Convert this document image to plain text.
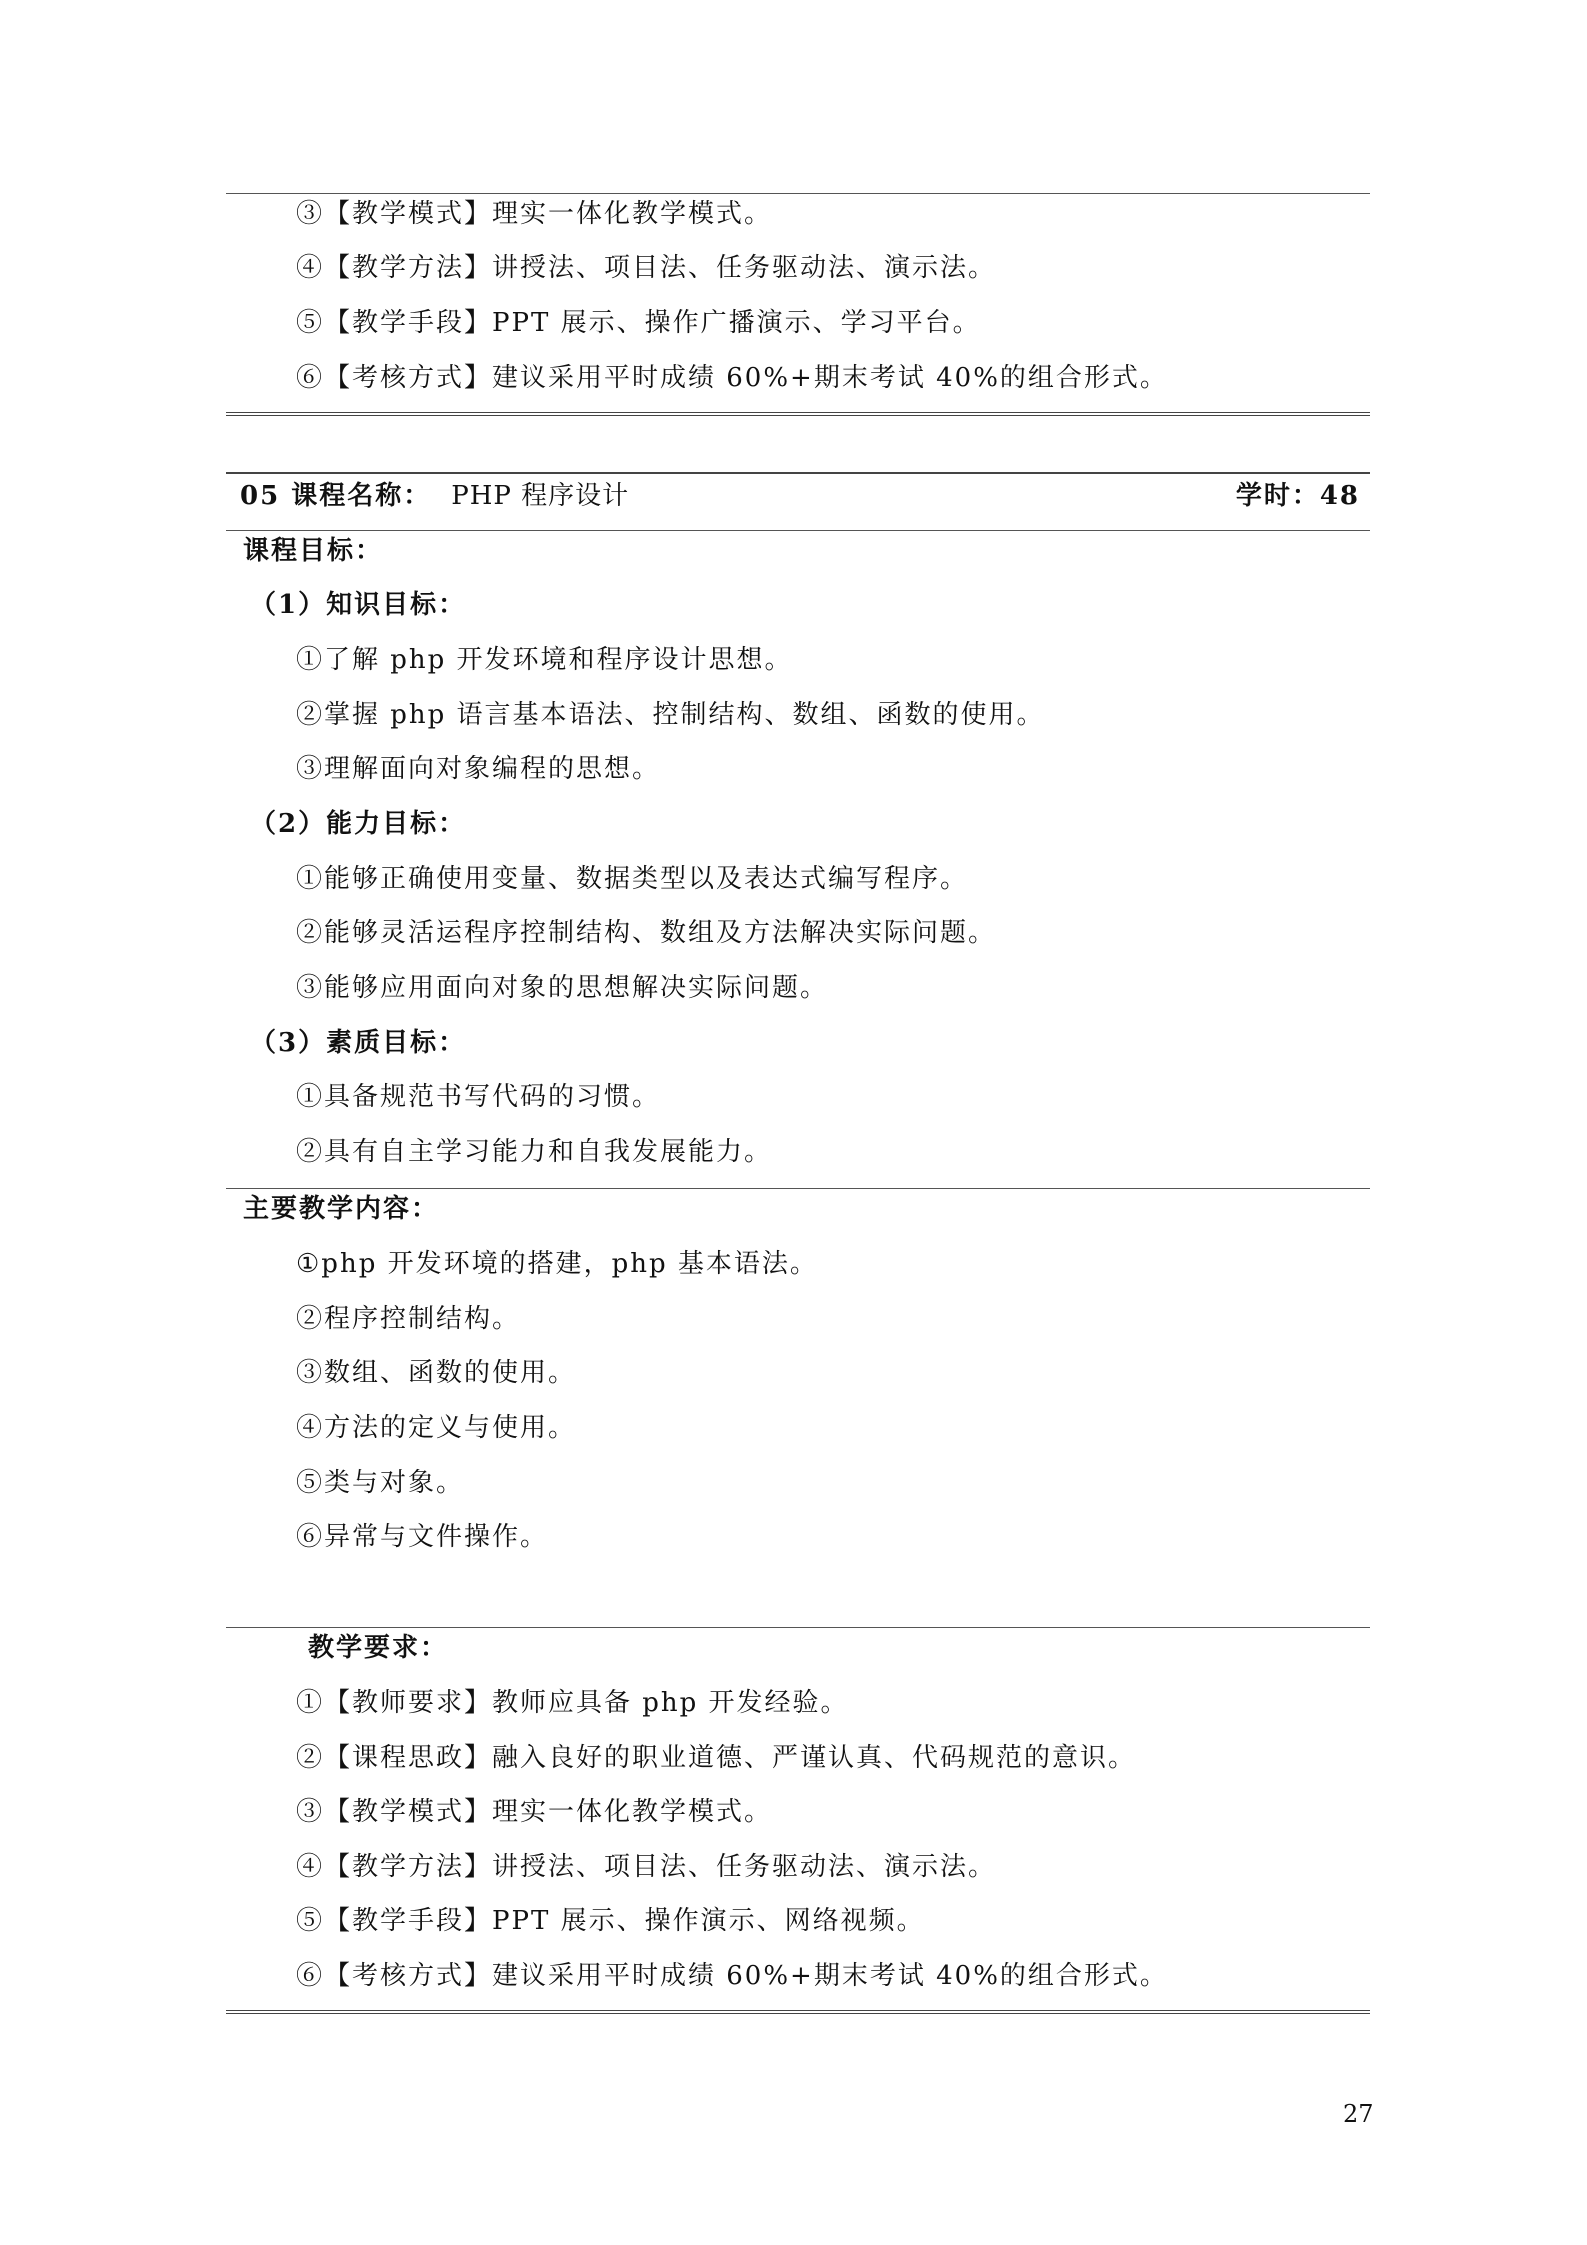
③【教学模式】理实一体化教学模式。
④【教学方法】讲授法、项目法、任务驱动法、演示法。
⑤【教学手段】PPT 展示、操作广播演示、学习平台。
⑥【考核方式】建议采用平时成绩 60%+期末考试 40%的组合形式。
05 课程名称： PHP 程序设计	学时：48
课程目标：
（1）知识目标：
①了解 php 开发环境和程序设计思想。
②掌握 php 语言基本语法、控制结构、数组、函数的使用。
③理解面向对象编程的思想。
（2）能力目标：
①能够正确使用变量、数据类型以及表达式编写程序。
②能够灵活运程序控制结构、数组及方法解决实际问题。
③能够应用面向对象的思想解决实际问题。
（3）素质目标：
①具备规范书写代码的习惯。
②具有自主学习能力和自我发展能力。
主要教学内容：
①php 开发环境的搭建，php 基本语法。
②程序控制结构。
③数组、函数的使用。
④方法的定义与使用。
⑤类与对象。
⑥异常与文件操作。
教学要求：
①【教师要求】教师应具备 php 开发经验。
②【课程思政】融入良好的职业道德、严谨认真、代码规范的意识。
③【教学模式】理实一体化教学模式。
④【教学方法】讲授法、项目法、任务驱动法、演示法。
⑤【教学手段】PPT 展示、操作演示、网络视频。
⑥【考核方式】建议采用平时成绩 60%+期末考试 40%的组合形式。
27
